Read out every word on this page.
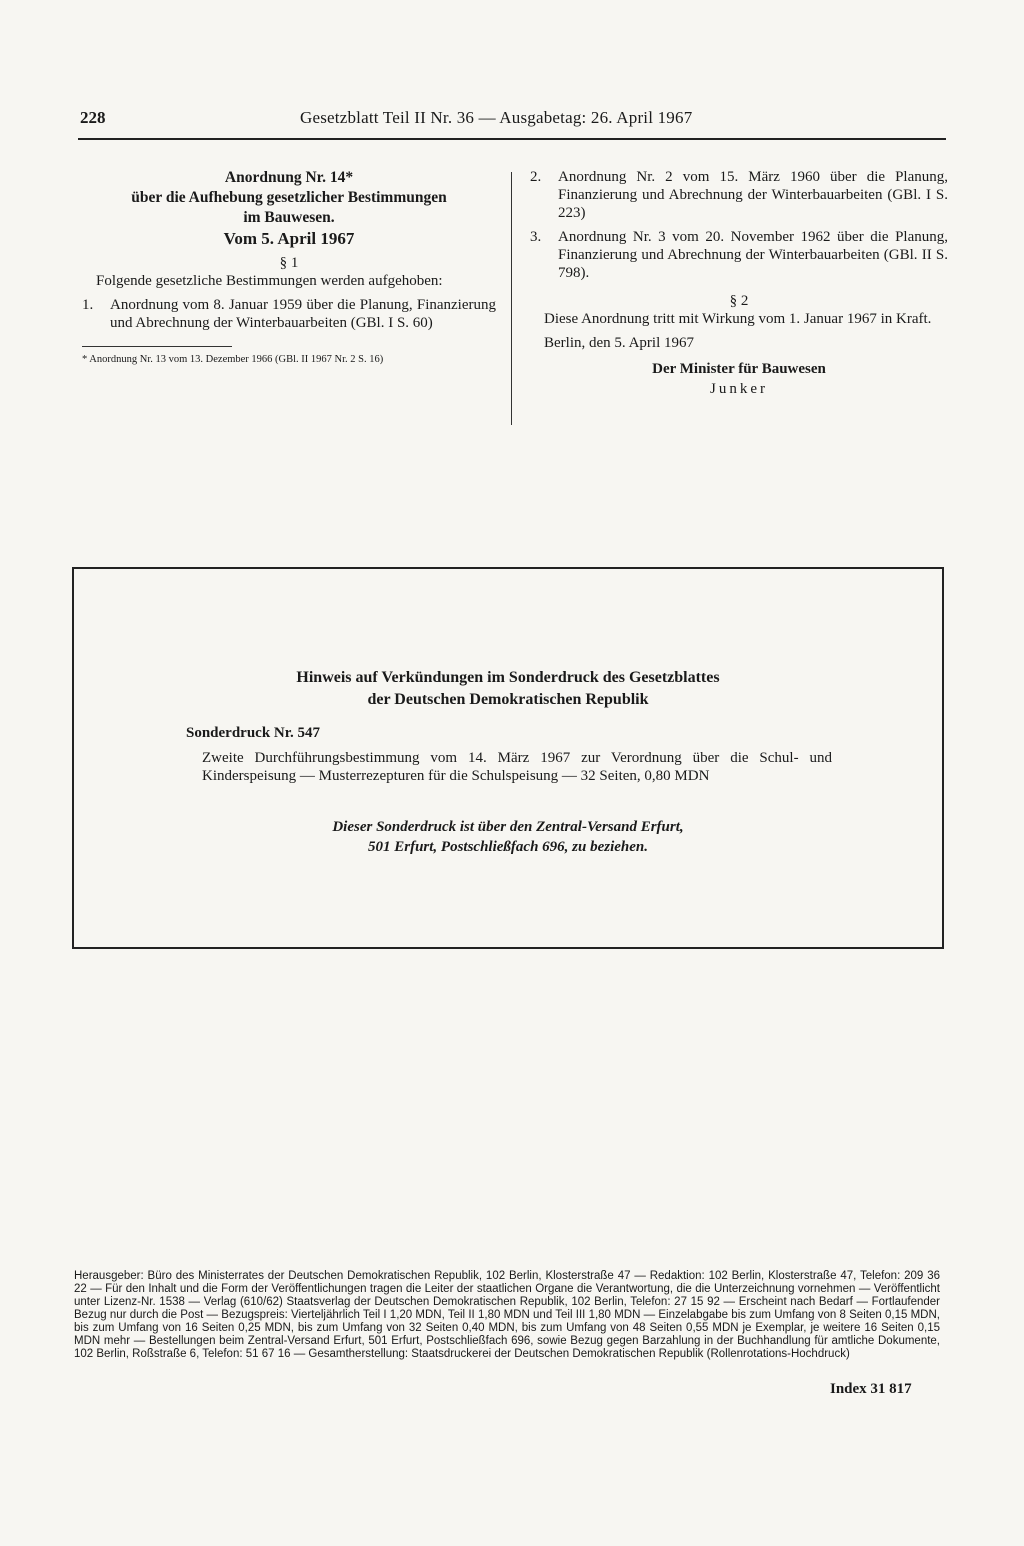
228	Gesetzblatt Teil II Nr. 36 — Ausgabetag: 26. April 1967
Anordnung Nr. 14*
über die Aufhebung gesetzlicher Bestimmungen
im Bauwesen.
Vom 5. April 1967
§ 1

Folgende gesetzliche Bestimmungen werden aufgehoben:

1.	Anordnung vom 8. Januar 1959 über die Planung, Finanzierung und Abrechnung der Winterbauarbeiten (GBl. I S. 60)
* Anordnung Nr. 13 vom 13. Dezember 1966 (GBl. II 1967 Nr. 2 S. 16)
2.	Anordnung Nr. 2 vom 15. März 1960 über die Planung, Finanzierung und Abrechnung der Winterbauarbeiten (GBl. I S. 223)
3.	Anordnung Nr. 3 vom 20. November 1962 über die Planung, Finanzierung und Abrechnung der Winterbauarbeiten (GBl. II S. 798).
§ 2

Diese Anordnung tritt mit Wirkung vom 1. Januar 1967 in Kraft.

Berlin, den 5. April 1967

Der Minister für Bauwesen
Junker
Hinweis auf Verkündungen im Sonderdruck des Gesetzblattes
der Deutschen Demokratischen Republik
Sonderdruck Nr. 547
Zweite Durchführungsbestimmung vom 14. März 1967 zur Verordnung über die Schul- und Kinderspeisung — Musterrezepturen für die Schulspeisung — 32 Seiten, 0,80 MDN
Dieser Sonderdruck ist über den Zentral-Versand Erfurt,
501 Erfurt, Postschließfach 696, zu beziehen.
Herausgeber: Büro des Ministerrates der Deutschen Demokratischen Republik, 102 Berlin, Klosterstraße 47 — Redaktion: 102 Berlin, Klosterstraße 47, Telefon: 209 36 22 — Für den Inhalt und die Form der Veröffentlichungen tragen die Leiter der staatlichen Organe die Verantwortung, die die Unterzeichnung vornehmen — Veröffentlicht unter Lizenz-Nr. 1538 — Verlag (610/62) Staatsverlag der Deutschen Demokratischen Republik, 102 Berlin, Telefon: 27 15 92 — Erscheint nach Bedarf — Fortlaufender Bezug nur durch die Post — Bezugspreis: Vierteljährlich Teil I 1,20 MDN, Teil II 1,80 MDN und Teil III 1,80 MDN — Einzelabgabe bis zum Umfang von 8 Seiten 0,15 MDN, bis zum Umfang von 16 Seiten 0,25 MDN, bis zum Umfang von 32 Seiten 0,40 MDN, bis zum Umfang von 48 Seiten 0,55 MDN je Exemplar, je weitere 16 Seiten 0,15 MDN mehr — Bestellungen beim Zentral-Versand Erfurt, 501 Erfurt, Postschließfach 696, sowie Bezug gegen Barzahlung in der Buchhandlung für amtliche Dokumente, 102 Berlin, Roßstraße 6, Telefon: 51 67 16 — Gesamtherstellung: Staatsdruckerei der Deutschen Demokratischen Republik (Rollenrotations-Hochdruck)
Index 31 817
